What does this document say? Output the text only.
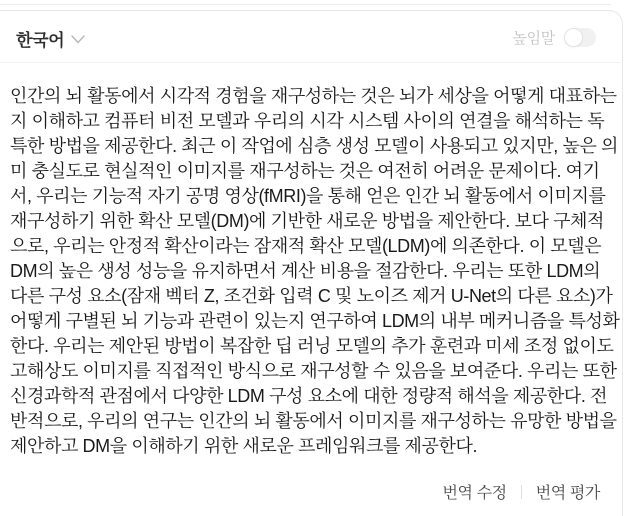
한국어	높임말
인간의 뇌 활동에서 시각적 경험을 재구성하는 것은 뇌가 세상을 어떻게 대표하는지 이해하고 컴퓨터 비전 모델과 우리의 시각 시스템 사이의 연결을 해석하는 독특한 방법을 제공한다. 최근 이 작업에 심층 생성 모델이 사용되고 있지만, 높은 의미 충실도로 현실적인 이미지를 재구성하는 것은 여전히 어려운 문제이다. 여기서, 우리는 기능적 자기 공명 영상(fMRI)을 통해 얻은 인간 뇌 활동에서 이미지를 재구성하기 위한 확산 모델(DM)에 기반한 새로운 방법을 제안한다. 보다 구체적으로, 우리는 안정적 확산이라는 잠재적 확산 모델(LDM)에 의존한다. 이 모델은 DM의 높은 생성 성능을 유지하면서 계산 비용을 절감한다. 우리는 또한 LDM의 다른 구성 요소(잠재 벡터 Z, 조건화 입력 C 및 노이즈 제거 U-Net의 다른 요소)가 어떻게 구별된 뇌 기능과 관련이 있는지 연구하여 LDM의 내부 메커니즘을 특성화한다. 우리는 제안된 방법이 복잡한 딥 러닝 모델의 추가 훈련과 미세 조정 없이도 고해상도 이미지를 직접적인 방식으로 재구성할 수 있음을 보여준다. 우리는 또한 신경과학적 관점에서 다양한 LDM 구성 요소에 대한 정량적 해석을 제공한다. 전반적으로, 우리의 연구는 인간의 뇌 활동에서 이미지를 재구성하는 유망한 방법을 제안하고 DM을 이해하기 위한 새로운 프레임워크를 제공한다.
번역 수정 번역 평가
